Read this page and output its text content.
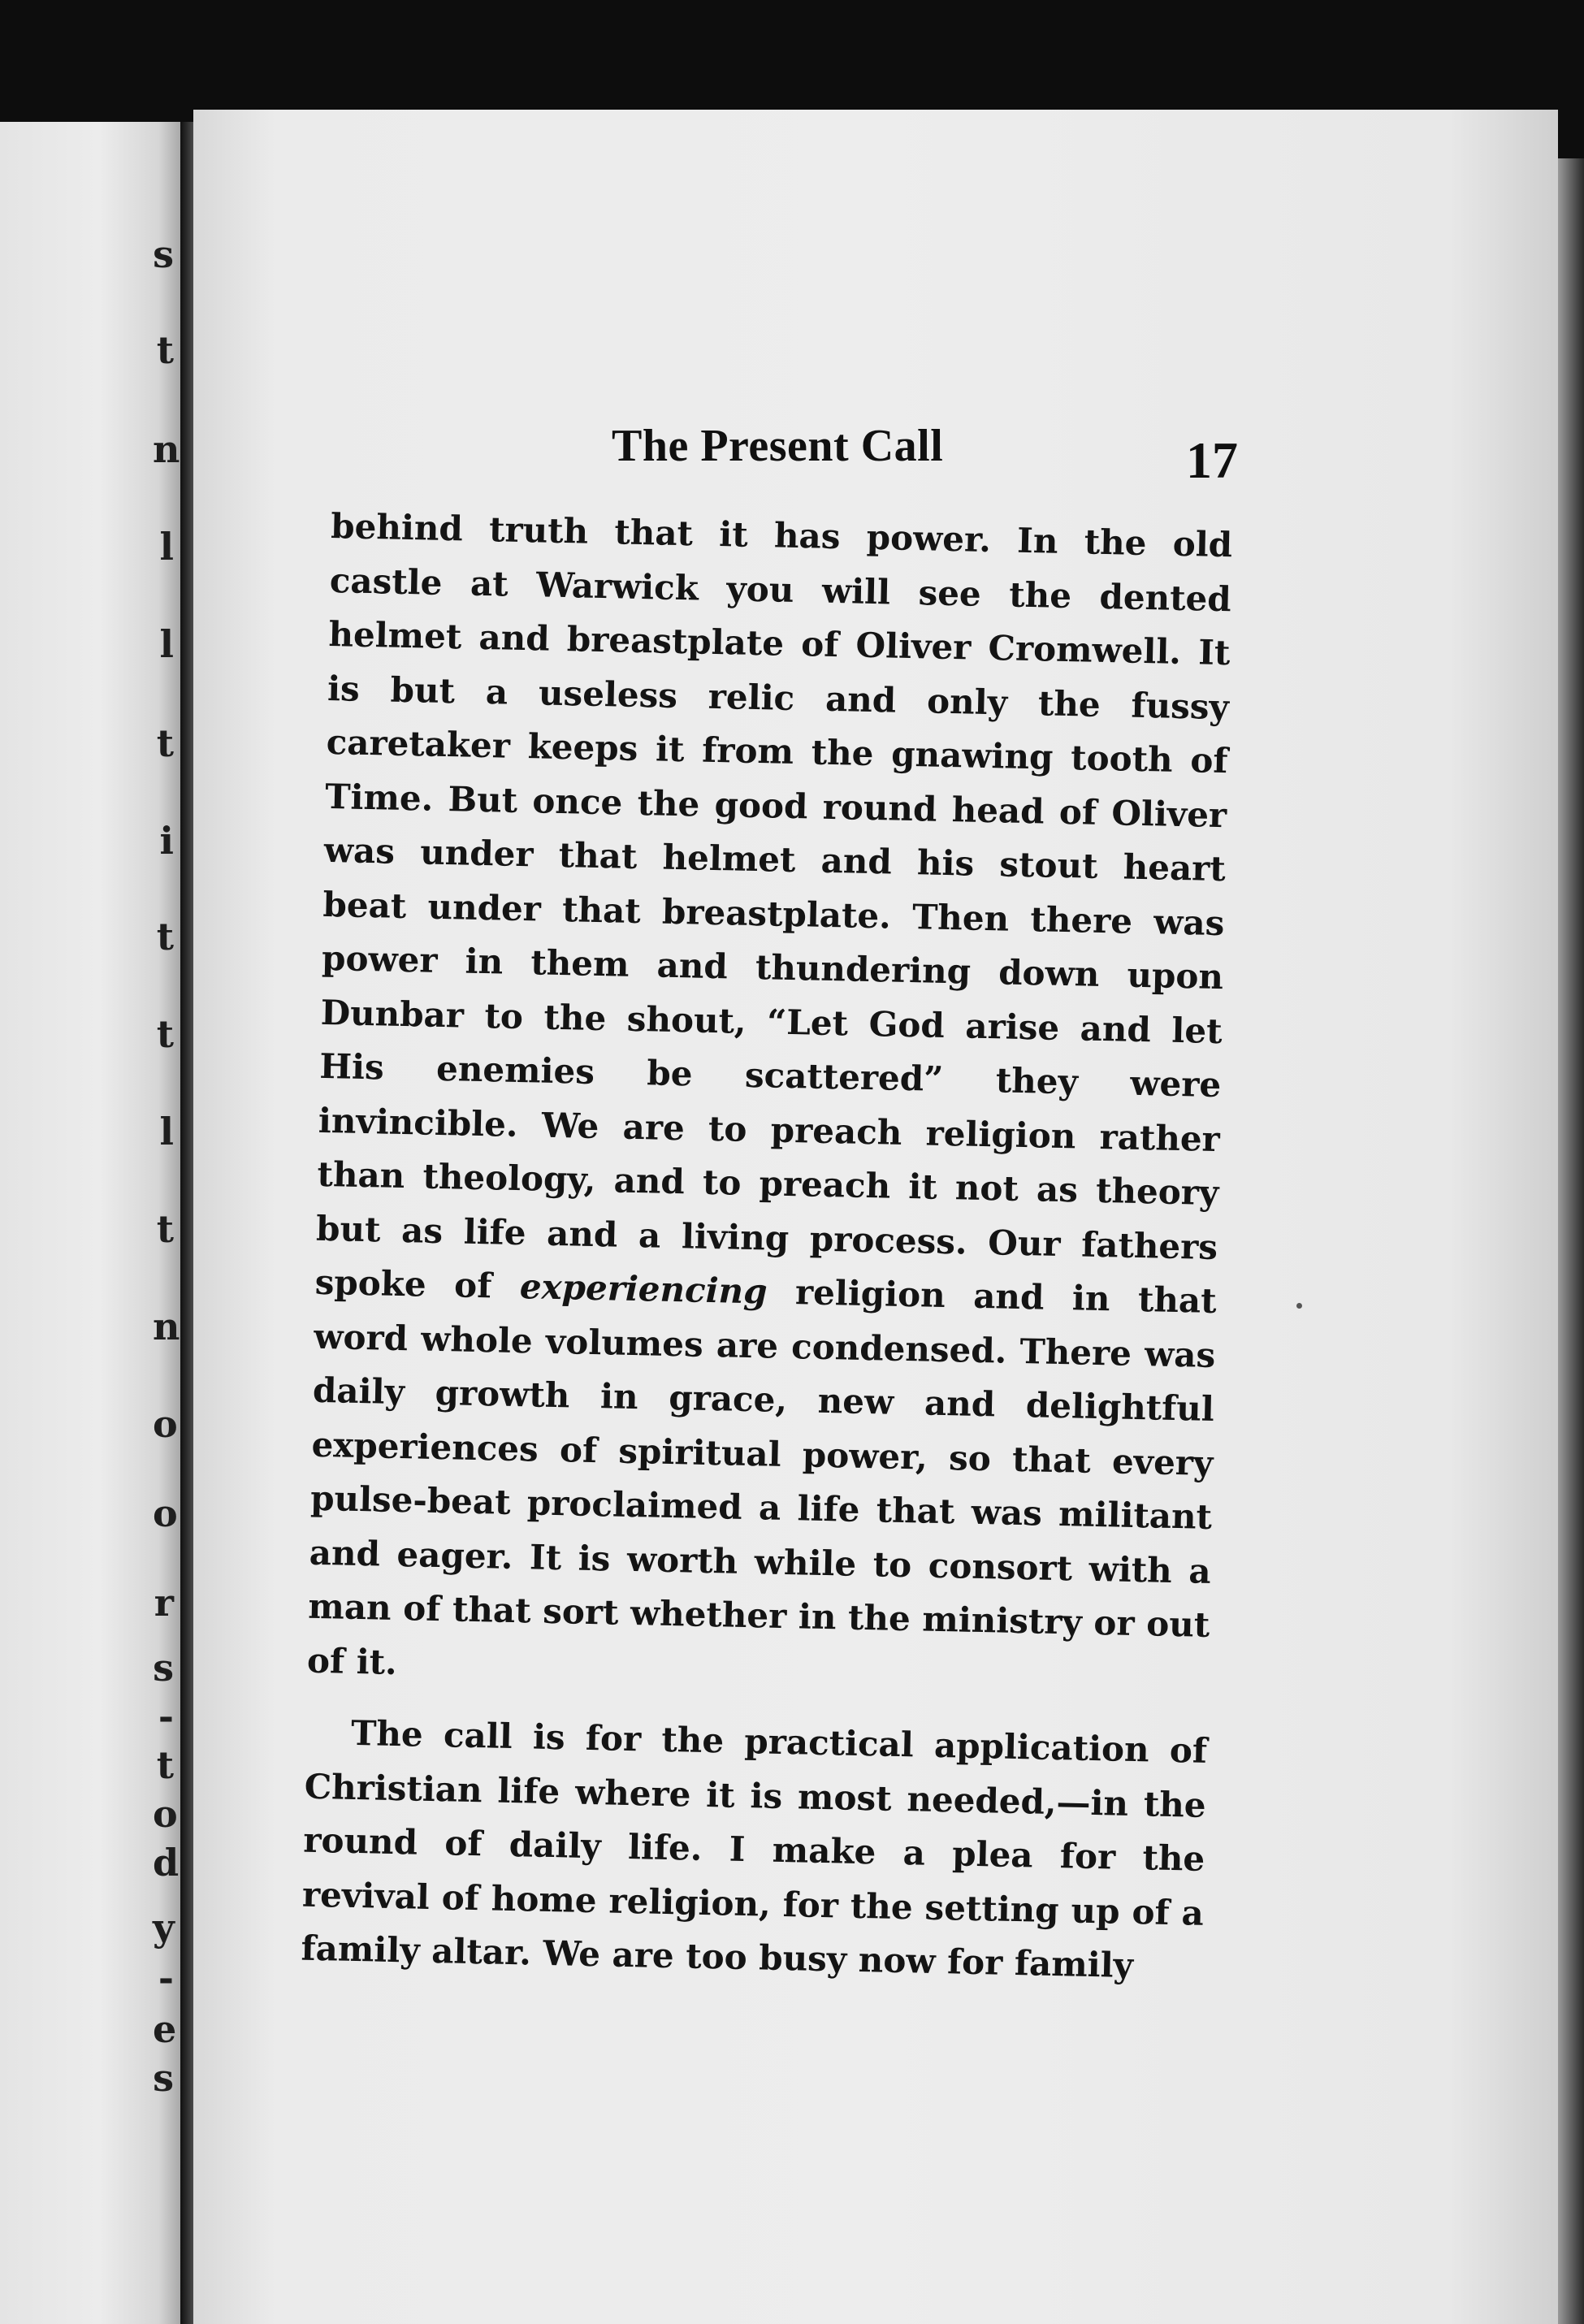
s
t
n
l
l
t
i
t
t
l
t
n
o
o
r
s
-
t
o
d
y
-
e
s
The Present Call	17

behind truth that it has power. In the old castle at Warwick you will see the dented helmet and breastplate of Oliver Cromwell. It is but a useless relic and only the fussy caretaker keeps it from the gnawing tooth of Time. But once the good round head of Oliver was under that helmet and his stout heart beat under that breastplate. Then there was power in them and thundering down upon Dunbar to the shout, “Let God arise and let His enemies be scattered” they were invincible. We are to preach religion rather than theology, and to preach it not as theory but as life and a living process. Our fathers spoke of experiencing religion and in that word whole volumes are condensed. There was daily growth in grace, new and delightful experiences of spiritual power, so that every pulse-beat proclaimed a life that was militant and eager. It is worth while to consort with a man of that sort whether in the ministry or out of it.

The call is for the practical application of Christian life where it is most needed,—in the round of daily life. I make a plea for the revival of home religion, for the setting up of a family altar. We are too busy now for family
